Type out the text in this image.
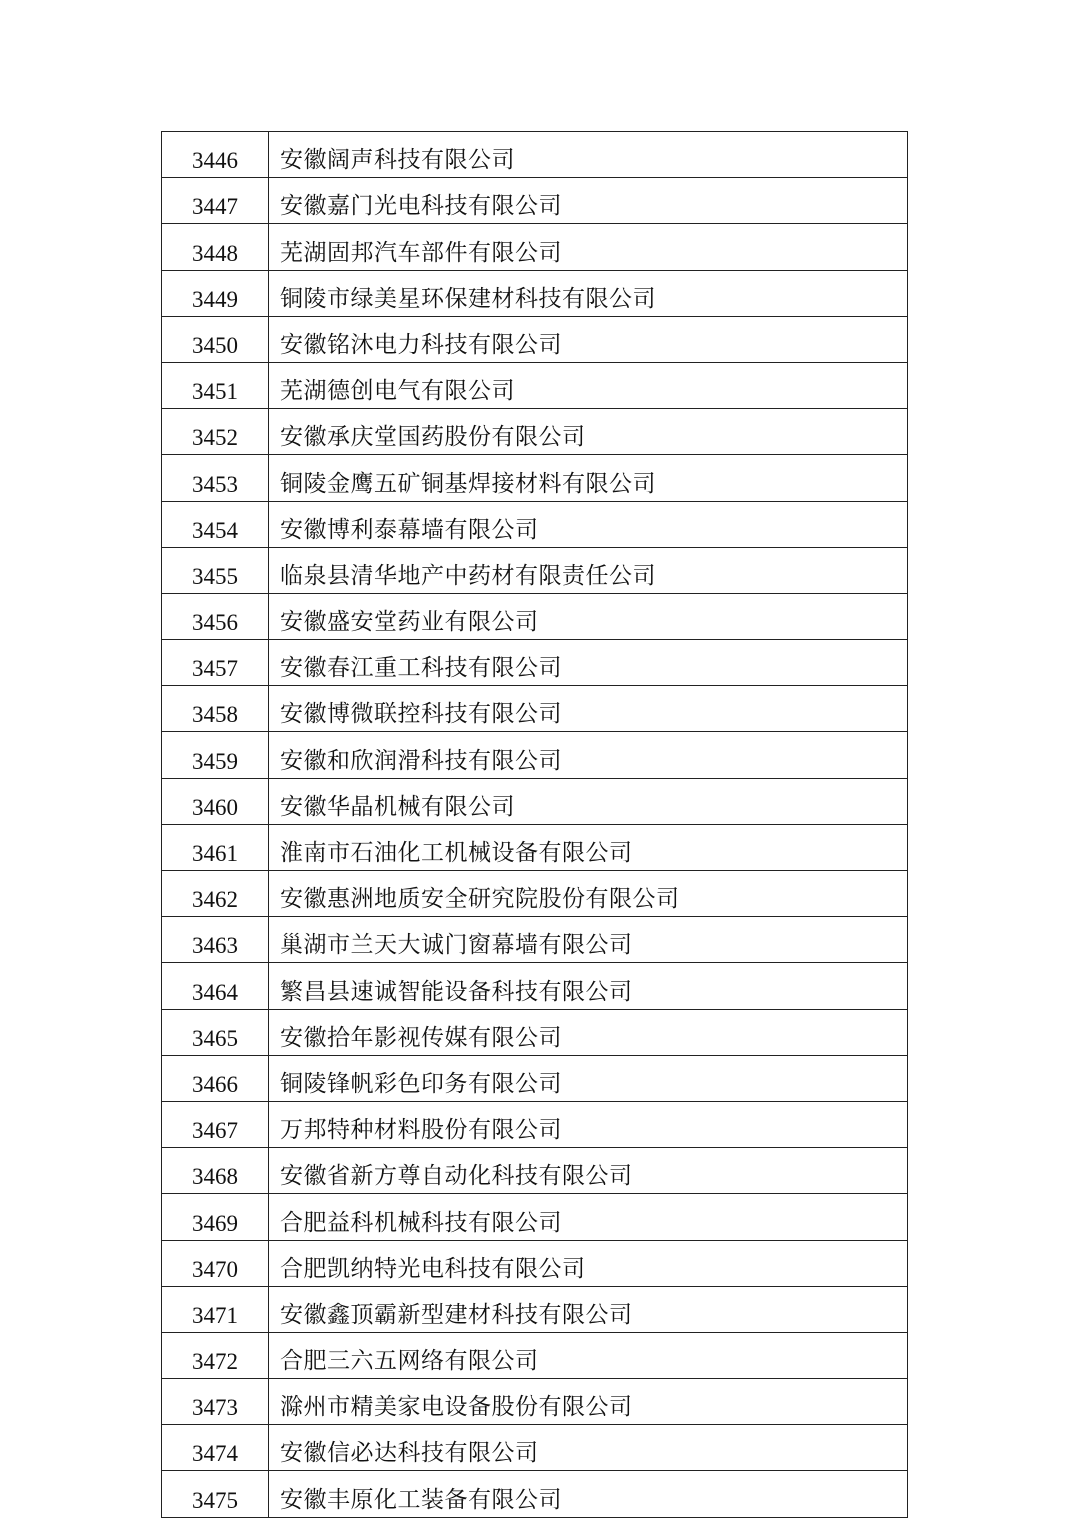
3446	安徽阔声科技有限公司
3447	安徽嘉门光电科技有限公司
3448	芜湖固邦汽车部件有限公司
3449	铜陵市绿美星环保建材科技有限公司
3450	安徽铭沐电力科技有限公司
3451	芜湖德创电气有限公司
3452	安徽承庆堂国药股份有限公司
3453	铜陵金鹰五矿铜基焊接材料有限公司
3454	安徽博利泰幕墙有限公司
3455	临泉县清华地产中药材有限责任公司
3456	安徽盛安堂药业有限公司
3457	安徽春江重工科技有限公司
3458	安徽博微联控科技有限公司
3459	安徽和欣润滑科技有限公司
3460	安徽华晶机械有限公司
3461	淮南市石油化工机械设备有限公司
3462	安徽惠洲地质安全研究院股份有限公司
3463	巢湖市兰天大诚门窗幕墙有限公司
3464	繁昌县速诚智能设备科技有限公司
3465	安徽拾年影视传媒有限公司
3466	铜陵锋帆彩色印务有限公司
3467	万邦特种材料股份有限公司
3468	安徽省新方尊自动化科技有限公司
3469	合肥益科机械科技有限公司
3470	合肥凯纳特光电科技有限公司
3471	安徽鑫顶霸新型建材科技有限公司
3472	合肥三六五网络有限公司
3473	滁州市精美家电设备股份有限公司
3474	安徽信必达科技有限公司
3475	安徽丰原化工装备有限公司
